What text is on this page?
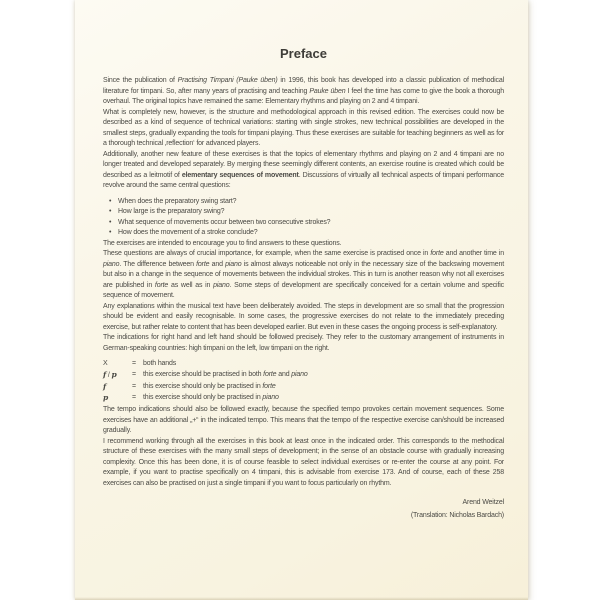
Preface

Since the publication of Practising Timpani (Pauke üben) in 1996, this book has developed into a classic publication of methodical literature for timpani. So, after many years of practising and teaching Pauke üben I feel the time has come to give the book a thorough overhaul. The original topics have remained the same: Elementary rhythms and playing on 2 and 4 timpani.

What is completely new, however, is the structure and methodological approach in this revised edition. The exercises could now be described as a kind of sequence of technical variations: starting with single strokes, new technical possibilities are developed in the smallest steps, gradually expanding the tools for timpani playing. Thus these exercises are suitable for teaching beginners as well as for a thorough technical ‚reflection‘ for advanced players.

Additionally, another new feature of these exercises is that the topics of elementary rhythms and playing on 2 and 4 timpani are no longer treated and developed separately. By merging these seemingly different contents, an exercise routine is created which could be described as a leitmotif of elementary sequences of movement. Discussions of virtually all technical aspects of timpani performance revolve around the same central questions:

• When does the preparatory swing start?
• How large is the preparatory swing?
• What sequence of movements occur between two consecutive strokes?
• How does the movement of a stroke conclude?

The exercises are intended to encourage you to find answers to these questions.

These questions are always of crucial importance, for example, when the same exercise is practised once in forte and another time in piano. The difference between forte and piano is almost always noticeable not only in the necessary size of the backswing movement but also in a change in the sequence of movements between the individual strokes. This in turn is another reason why not all exercises are published in forte as well as in piano. Some steps of development are specifically conceived for a certain volume and specific sequence of movement.

Any explanations within the musical text have been deliberately avoided. The steps in development are so small that the progression should be evident and easily recognisable. In some cases, the progressive exercises do not relate to the immediately preceding exercise, but rather relate to content that has been developed earlier. But even in these cases the ongoing process is self-explanatory.

The indications for right hand and left hand should be followed precisely. They refer to the customary arrangement of instruments in German-speaking countries: high timpani on the left, low timpani on the right.

X	=	both hands
f / p	=	this exercise should be practised in both forte and piano
f	=	this exercise should only be practised in forte
p	=	this exercise should only be practised in piano

The tempo indications should also be followed exactly, because the specified tempo provokes certain movement sequences. Some exercises have an additional „+“ in the indicated tempo. This means that the tempo of the respective exercise can/should be increased gradually.

I recommend working through all the exercises in this book at least once in the indicated order. This corresponds to the methodical structure of these exercises with the many small steps of development; in the sense of an obstacle course with gradually increasing complexity. Once this has been done, it is of course feasible to select individual exercises or re-enter the course at any point. For example, if you want to practise specifically on 4 timpani, this is advisable from exercise 173. And of course, each of these 258 exercises can also be practised on just a single timpani if you want to focus particularly on rhythm.

Arend Weitzel
(Translation: Nicholas Bardach)
